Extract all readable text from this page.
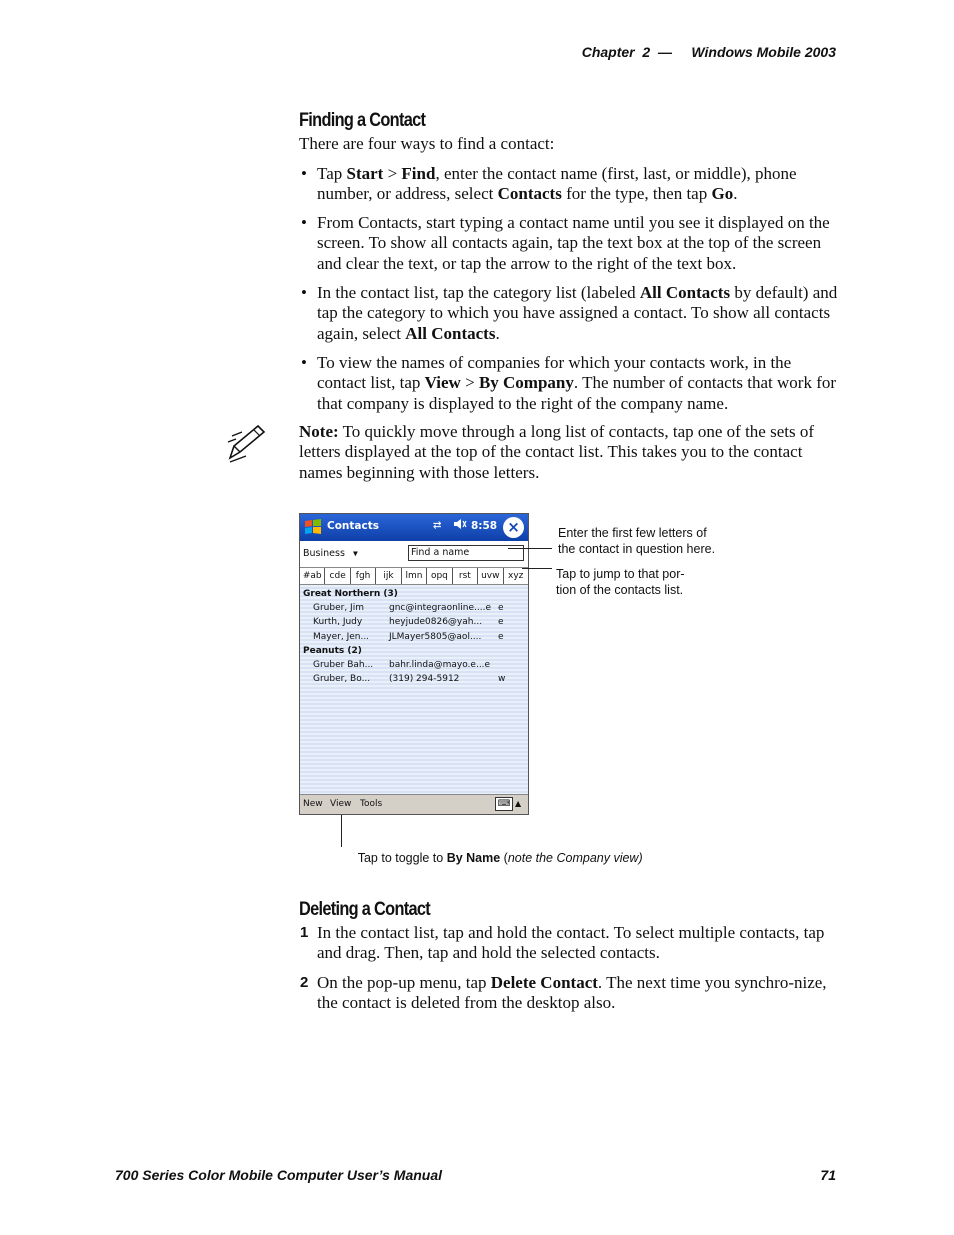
Chapter  2  —     Windows Mobile 2003
Finding a Contact
There are four ways to find a contact:
• Tap Start > Find, enter the contact name (first, last, or middle), phone number, or address, select Contacts for the type, then tap Go.
• From Contacts, start typing a contact name until you see it displayed on the screen. To show all contacts again, tap the text box at the top of the screen and clear the text, or tap the arrow to the right of the text box.
• In the contact list, tap the category list (labeled All Contacts by default) and tap the category to which you have assigned a contact. To show all contacts again, select All Contacts.
• To view the names of companies for which your contacts work, in the contact list, tap View > By Company. The number of contacts that work for that company is displayed to the right of the company name.
Note: To quickly move through a long list of contacts, tap one of the sets of letters displayed at the top of the contact list. This takes you to the contact names beginning with those letters.
Contacts	⇄	8:58 ×
Business ▼	Find a name
#ab cde	fgh	ijk	lmn opq	rst	uvw xyz
Great Northern (3)
Gruber, Jim	gnc@integraonline....e e
Kurth, Judy	heyjude0826@yah... e
Mayer, Jen... JLMayer5805@aol.... e
Peanuts (2)
Gruber Bah... bahr.linda@mayo.e...e
Gruber, Bo... (319) 294-5912	w
New View Tools	⌨ ▲
Enter the first few letters of
the contact in question here.
Tap to jump to that por-
tion of the contacts list.

Tap to toggle to By Name (note the Company view)

Deleting a Contact
1 In the contact list, tap and hold the contact. To select multiple contacts, tap and drag. Then, tap and hold the selected contacts.
2 On the pop-up menu, tap Delete Contact. The next time you synchro-nize, the contact is deleted from the desktop also.
700 Series Color Mobile Computer User’s Manual	71
